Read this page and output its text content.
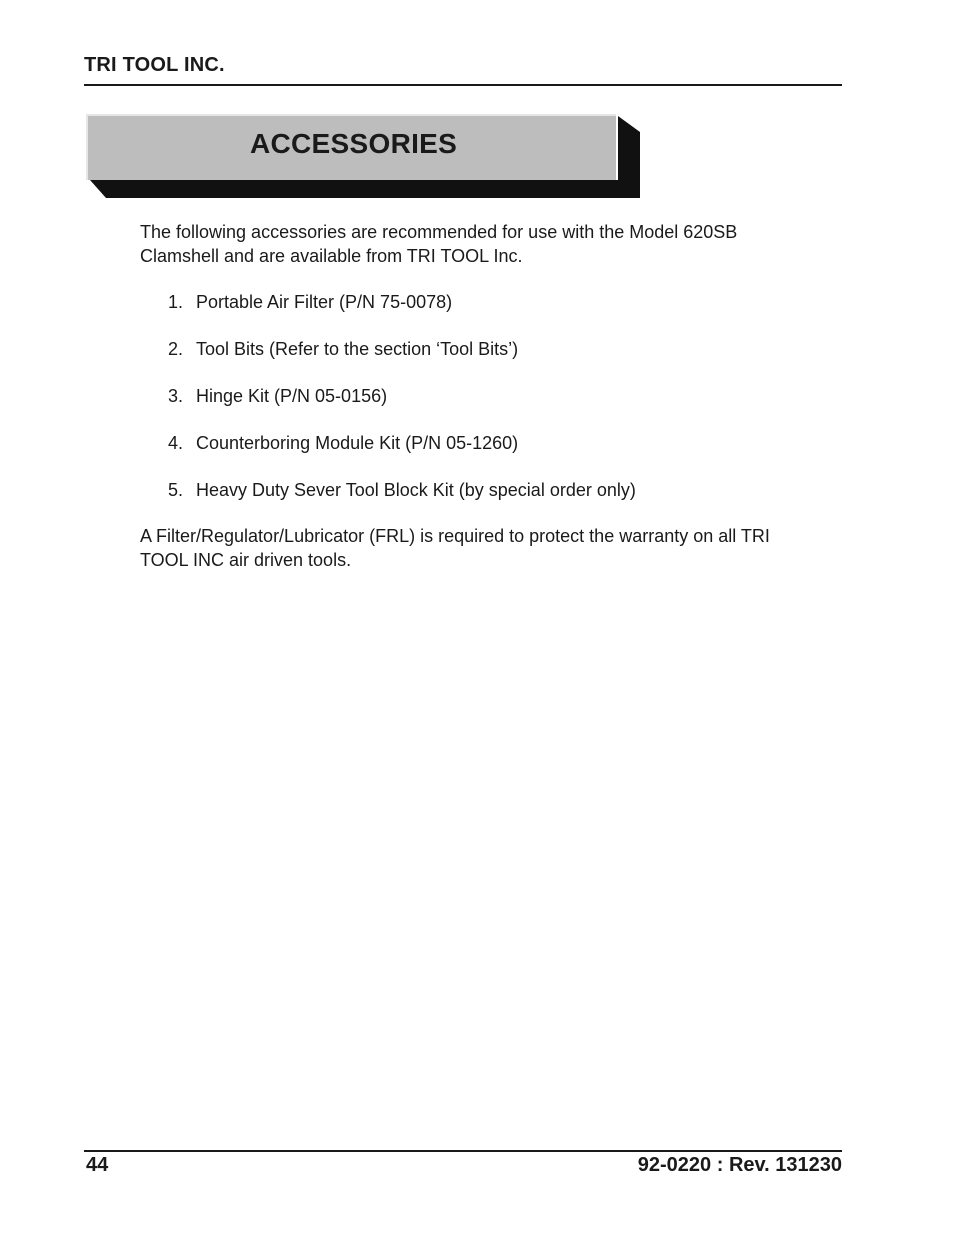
TRI TOOL INC.
ACCESSORIES

The following accessories are recommended for use with the Model 620SB Clamshell and are available from TRI TOOL Inc.

1. Portable Air Filter (P/N 75-0078)
2. Tool Bits (Refer to the section ‘Tool Bits’)
3. Hinge Kit (P/N 05-0156)
4. Counterboring Module Kit (P/N 05-1260)
5. Heavy Duty Sever Tool Block Kit (by special order only)

A Filter/Regulator/Lubricator (FRL) is required to protect the warranty on all TRI TOOL INC air driven tools.

44	92-0220 : Rev. 131230
